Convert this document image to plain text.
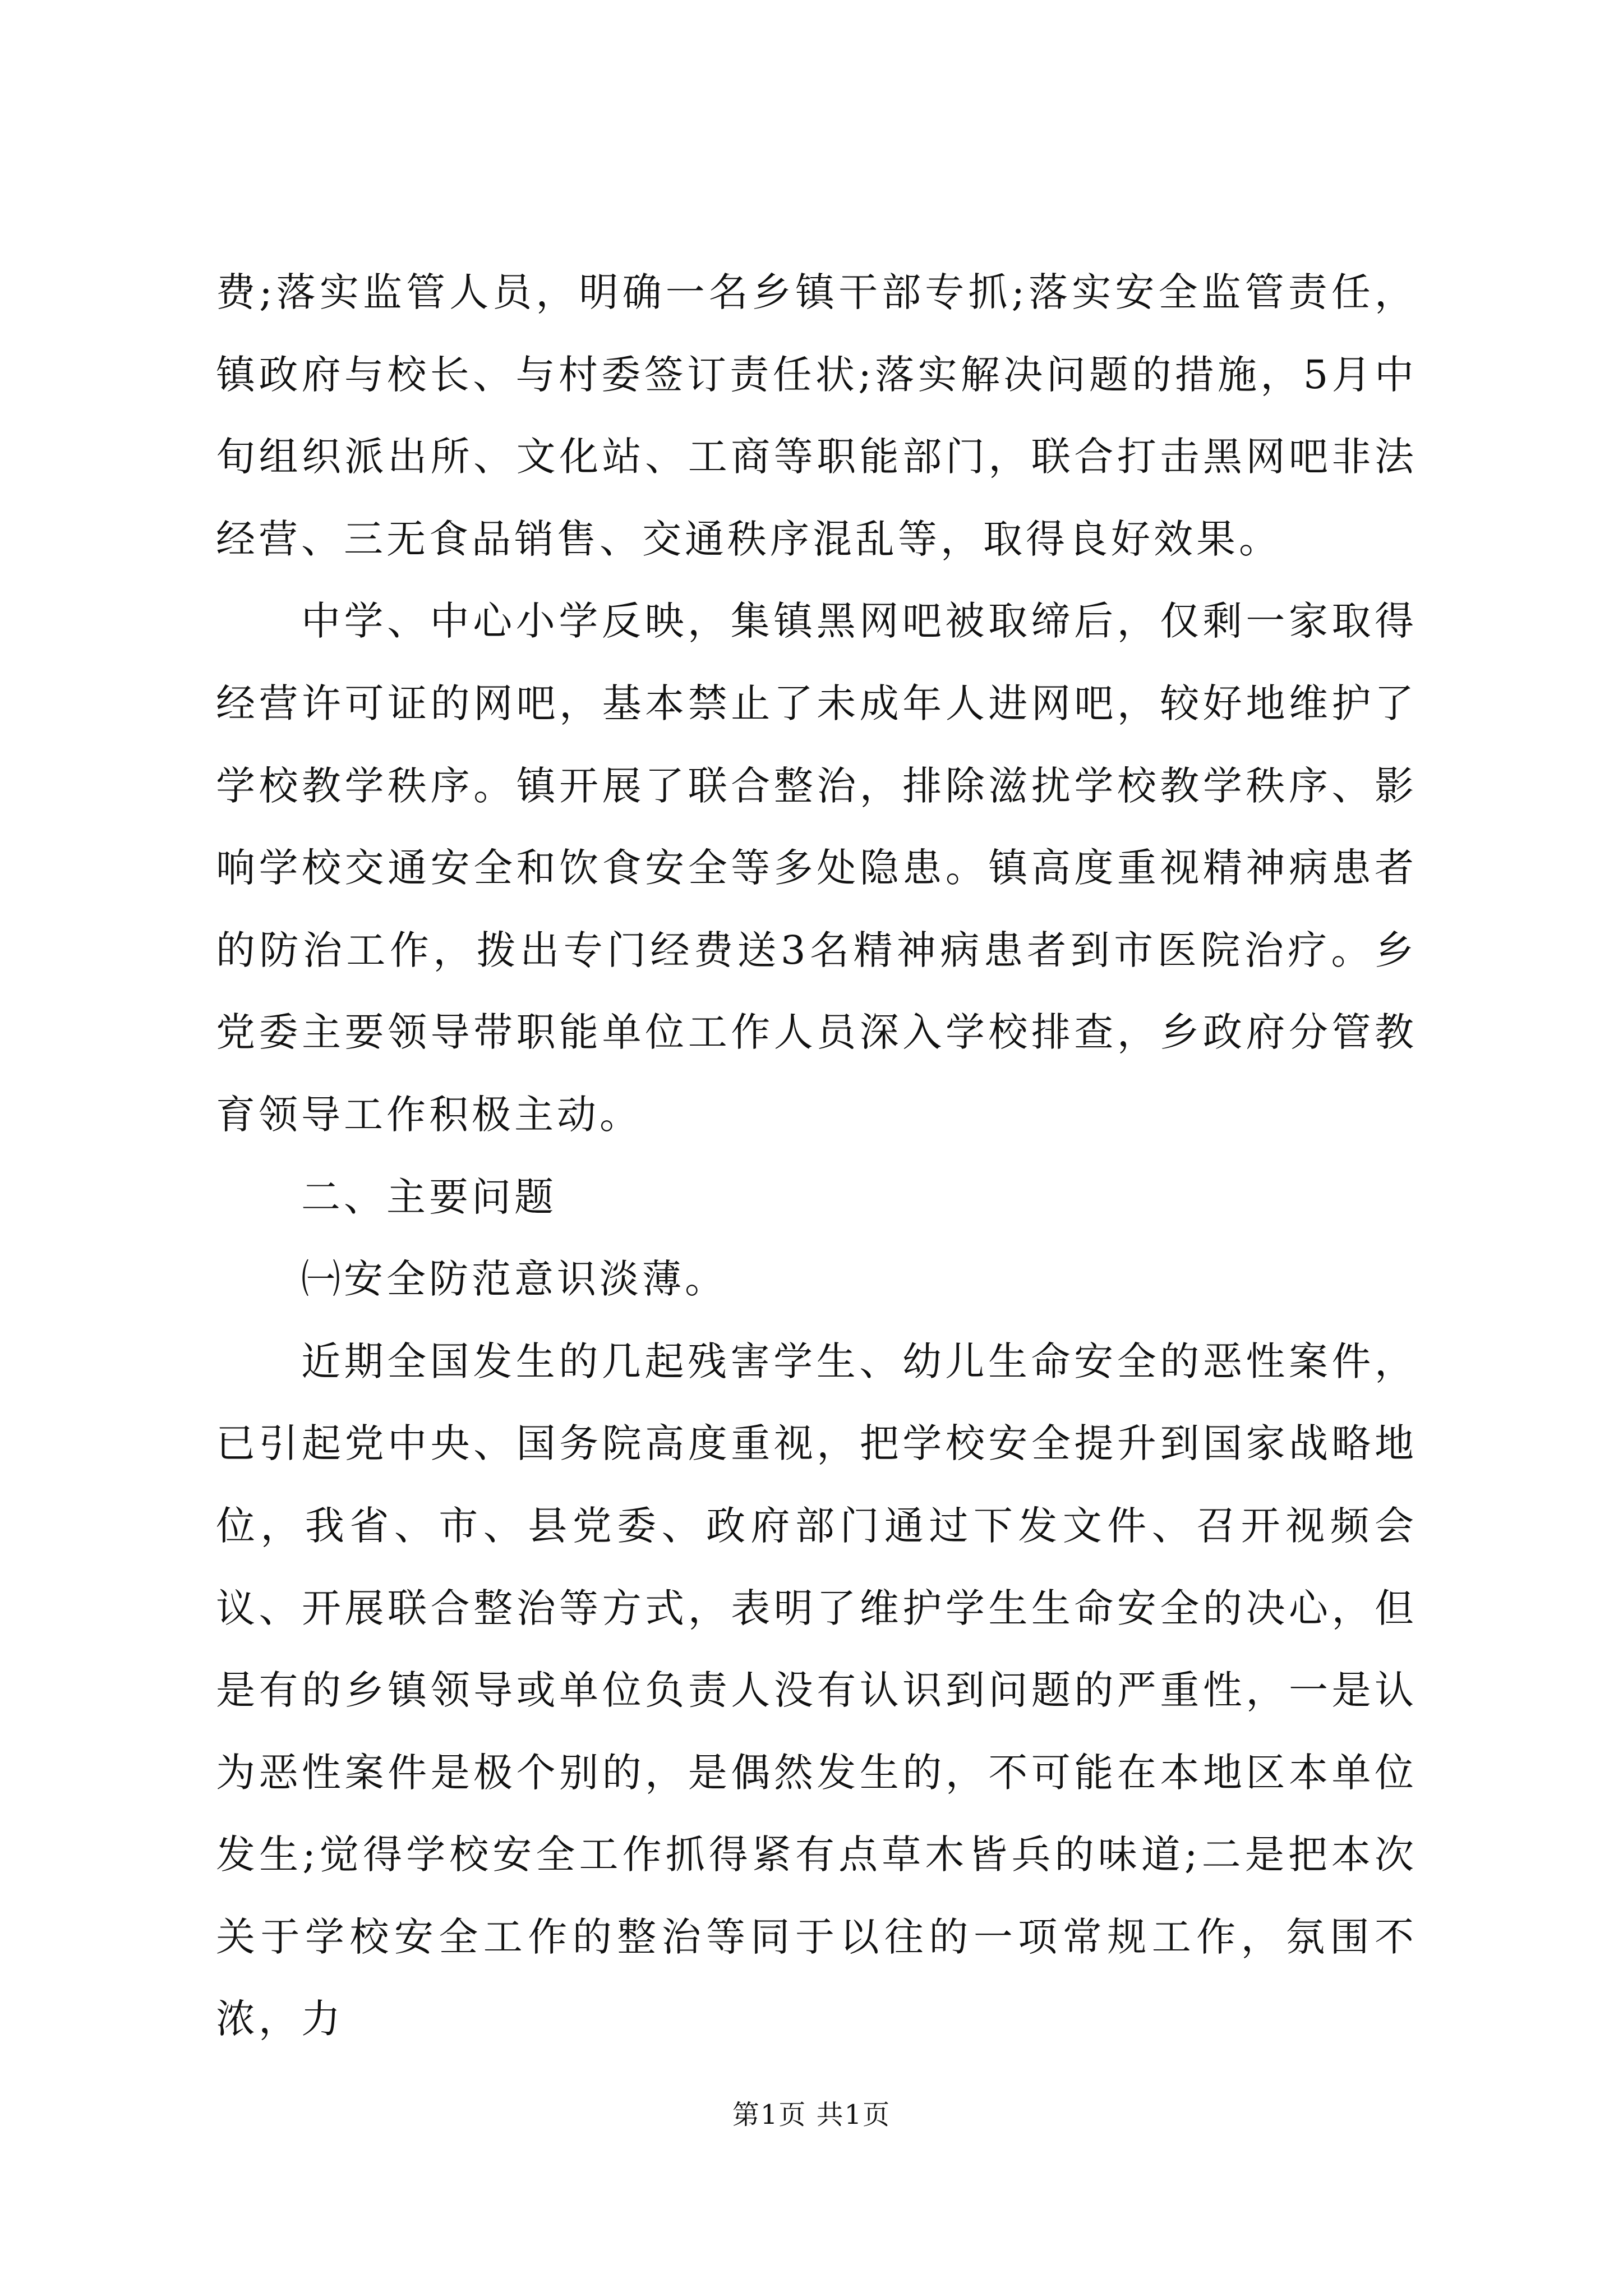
费;落实监管人员，明确一名乡镇干部专抓;落实安全监管责任，镇政府与校长、与村委签订责任状;落实解决问题的措施，5月中旬组织派出所、文化站、工商等职能部门，联合打击黑网吧非法经营、三无食品销售、交通秩序混乱等，取得良好效果。

中学、中心小学反映，集镇黑网吧被取缔后，仅剩一家取得经营许可证的网吧，基本禁止了未成年人进网吧，较好地维护了学校教学秩序。镇开展了联合整治，排除滋扰学校教学秩序、影响学校交通安全和饮食安全等多处隐患。镇高度重视精神病患者的防治工作，拨出专门经费送3名精神病患者到市医院治疗。乡党委主要领导带职能单位工作人员深入学校排查，乡政府分管教育领导工作积极主动。

二、主要问题

㈠安全防范意识淡薄。

近期全国发生的几起残害学生、幼儿生命安全的恶性案件，已引起党中央、国务院高度重视，把学校安全提升到国家战略地位，我省、市、县党委、政府部门通过下发文件、召开视频会议、开展联合整治等方式，表明了维护学生生命安全的决心，但是有的乡镇领导或单位负责人没有认识到问题的严重性，一是认为恶性案件是极个别的，是偶然发生的，不可能在本地区本单位发生;觉得学校安全工作抓得紧有点草木皆兵的味道;二是把本次关于学校安全工作的整治等同于以往的一项常规工作，氛围不浓，力

第1页 共1页
